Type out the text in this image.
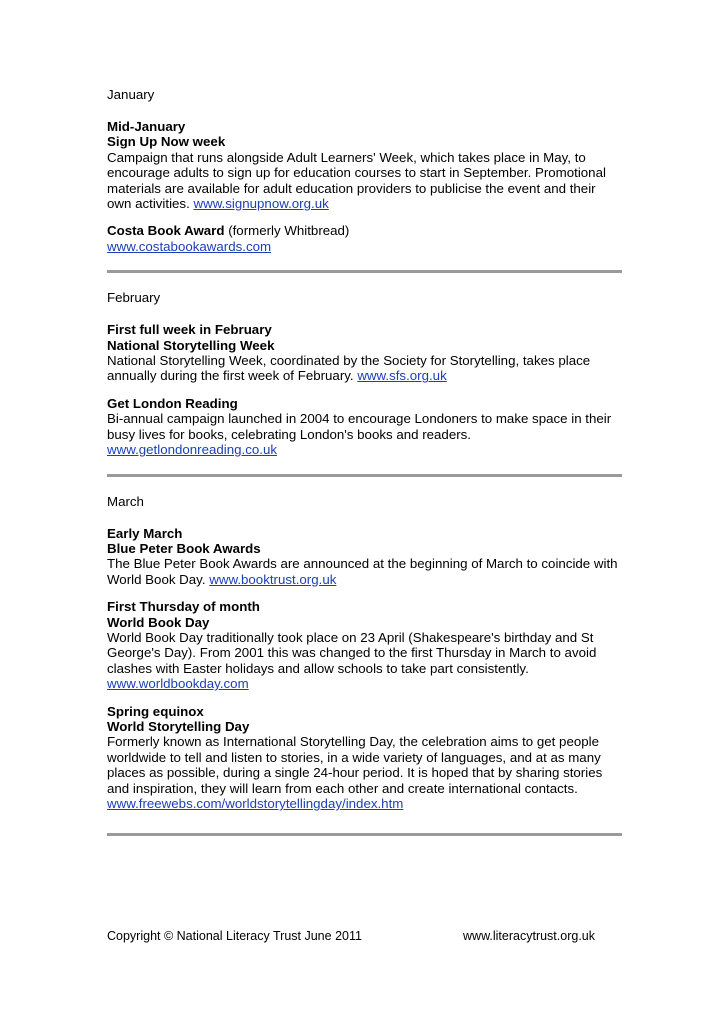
January

Mid-January

Sign Up Now week

Campaign that runs alongside Adult Learners' Week, which takes place in May, to encourage adults to sign up for education courses to start in September. Promotional materials are available for adult education providers to publicise the event and their own activities. www.signupnow.org.uk

Costa Book Award (formerly Whitbread)

www.costabookawards.com

February

First full week in February

National Storytelling Week

National Storytelling Week, coordinated by the Society for Storytelling, takes place annually during the first week of February. www.sfs.org.uk

Get London Reading

Bi-annual campaign launched in 2004 to encourage Londoners to make space in their busy lives for books, celebrating London's books and readers.

www.getlondonreading.co.uk

March

Early March

Blue Peter Book Awards

The Blue Peter Book Awards are announced at the beginning of March to coincide with World Book Day. www.booktrust.org.uk

First Thursday of month

World Book Day

World Book Day traditionally took place on 23 April (Shakespeare's birthday and St George's Day). From 2001 this was changed to the first Thursday in March to avoid clashes with Easter holidays and allow schools to take part consistently.

www.worldbookday.com

Spring equinox

World Storytelling Day

Formerly known as International Storytelling Day, the celebration aims to get people worldwide to tell and listen to stories, in a wide variety of languages, and at as many places as possible, during a single 24-hour period. It is hoped that by sharing stories and inspiration, they will learn from each other and create international contacts.

www.freewebs.com/worldstorytellingday/index.htm

Copyright © National Literacy Trust June 2011	www.literacytrust.org.uk
